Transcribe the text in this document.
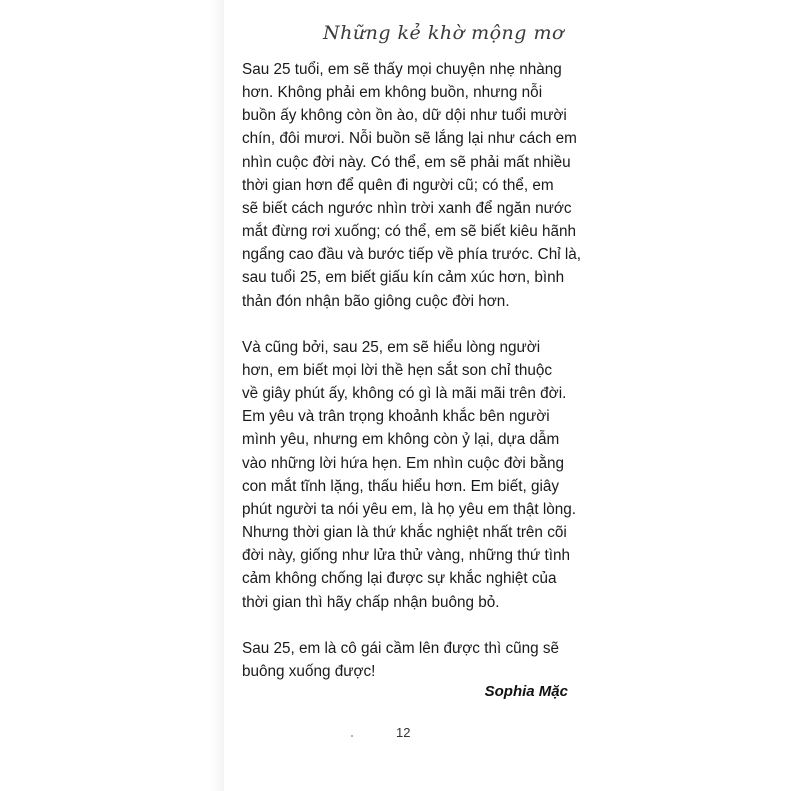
Những kẻ khờ mộng mơ

Sau 25 tuổi, em sẽ thấy mọi chuyện nhẹ nhàng
hơn. Không phải em không buồn, nhưng nỗi
buồn ấy không còn ồn ào, dữ dội như tuổi mười
chín, đôi mươi. Nỗi buồn sẽ lắng lại như cách em
nhìn cuộc đời này. Có thể, em sẽ phải mất nhiều
thời gian hơn để quên đi người cũ; có thể, em
sẽ biết cách ngước nhìn trời xanh để ngăn nước
mắt đừng rơi xuống; có thể, em sẽ biết kiêu hãnh
ngẩng cao đầu và bước tiếp về phía trước. Chỉ là,
sau tuổi 25, em biết giấu kín cảm xúc hơn, bình
thản đón nhận bão giông cuộc đời hơn.

Và cũng bởi, sau 25, em sẽ hiểu lòng người
hơn, em biết mọi lời thề hẹn sắt son chỉ thuộc
về giây phút ấy, không có gì là mãi mãi trên đời.
Em yêu và trân trọng khoảnh khắc bên người
mình yêu, nhưng em không còn ỷ lại, dựa dẫm
vào những lời hứa hẹn. Em nhìn cuộc đời bằng
con mắt tĩnh lặng, thấu hiểu hơn. Em biết, giây
phút người ta nói yêu em, là họ yêu em thật lòng.
Nhưng thời gian là thứ khắc nghiệt nhất trên cõi
đời này, giống như lửa thử vàng, những thứ tình
cảm không chống lại được sự khắc nghiệt của
thời gian thì hãy chấp nhận buông bỏ.

Sau 25, em là cô gái cầm lên được thì cũng sẽ
buông xuống được!

Sophia Mặc
12
